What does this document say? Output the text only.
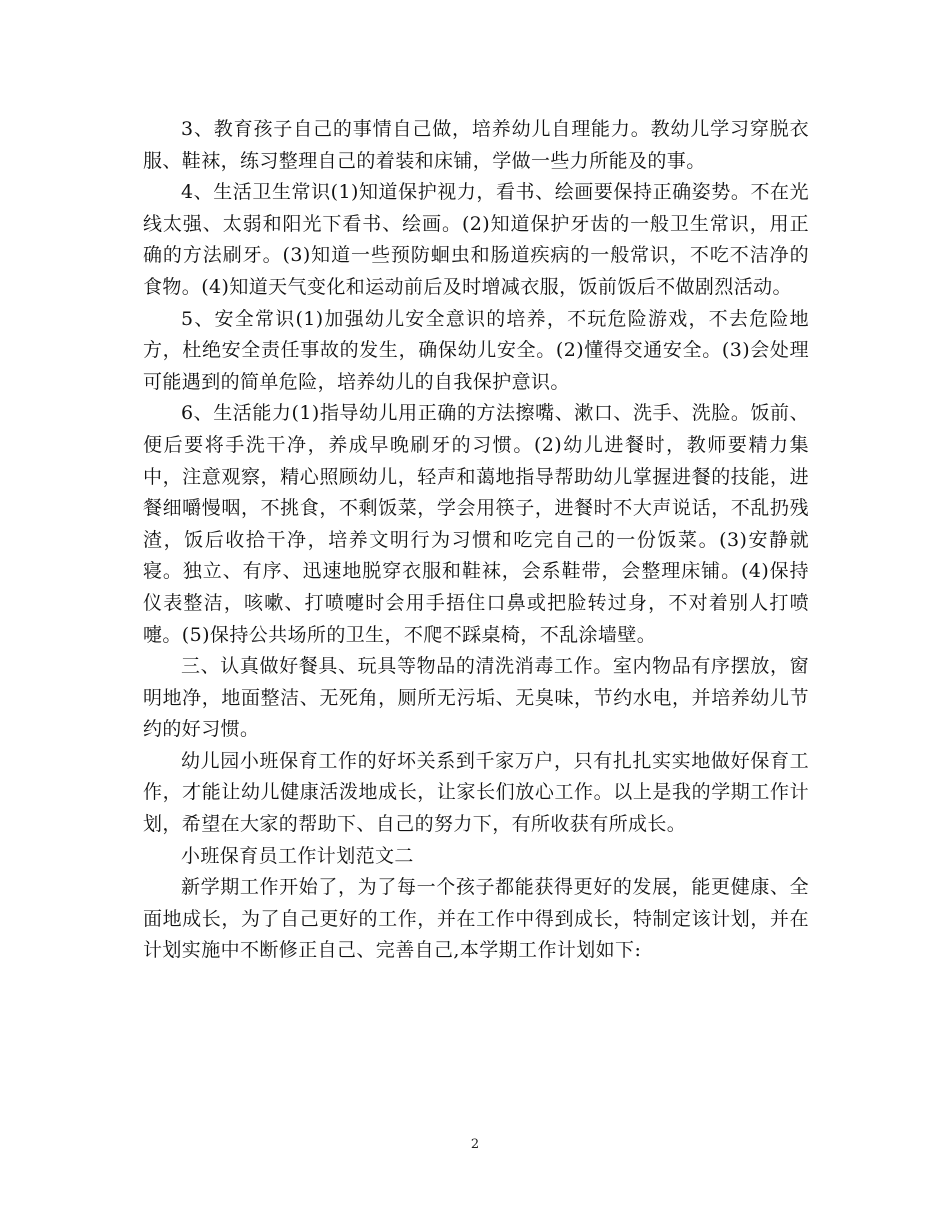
3、教育孩子自己的事情自己做，培养幼儿自理能力。教幼儿学习穿脱衣服、鞋袜，练习整理自己的着装和床铺，学做一些力所能及的事。

4、生活卫生常识(1)知道保护视力，看书、绘画要保持正确姿势。不在光线太强、太弱和阳光下看书、绘画。(2)知道保护牙齿的一般卫生常识，用正确的方法刷牙。(3)知道一些预防蛔虫和肠道疾病的一般常识，不吃不洁净的食物。(4)知道天气变化和运动前后及时增减衣服，饭前饭后不做剧烈活动。

5、安全常识(1)加强幼儿安全意识的培养，不玩危险游戏，不去危险地方，杜绝安全责任事故的发生，确保幼儿安全。(2)懂得交通安全。(3)会处理可能遇到的简单危险，培养幼儿的自我保护意识。

6、生活能力(1)指导幼儿用正确的方法擦嘴、漱口、洗手、洗脸。饭前、便后要将手洗干净，养成早晚刷牙的习惯。(2)幼儿进餐时，教师要精力集中，注意观察，精心照顾幼儿，轻声和蔼地指导帮助幼儿掌握进餐的技能，进餐细嚼慢咽，不挑食，不剩饭菜，学会用筷子，进餐时不大声说话，不乱扔残渣，饭后收拾干净，培养文明行为习惯和吃完自己的一份饭菜。(3)安静就寝。独立、有序、迅速地脱穿衣服和鞋袜，会系鞋带，会整理床铺。(4)保持仪表整洁，咳嗽、打喷嚏时会用手捂住口鼻或把脸转过身，不对着别人打喷嚏。(5)保持公共场所的卫生，不爬不踩桌椅，不乱涂墙壁。

三、认真做好餐具、玩具等物品的清洗消毒工作。室内物品有序摆放，窗明地净，地面整洁、无死角，厕所无污垢、无臭味，节约水电，并培养幼儿节约的好习惯。

幼儿园小班保育工作的好坏关系到千家万户，只有扎扎实实地做好保育工作，才能让幼儿健康活泼地成长，让家长们放心工作。以上是我的学期工作计划，希望在大家的帮助下、自己的努力下，有所收获有所成长。

小班保育员工作计划范文二

新学期工作开始了，为了每一个孩子都能获得更好的发展，能更健康、全面地成长，为了自己更好的工作，并在工作中得到成长，特制定该计划，并在计划实施中不断修正自己、完善自己,本学期工作计划如下:

2
